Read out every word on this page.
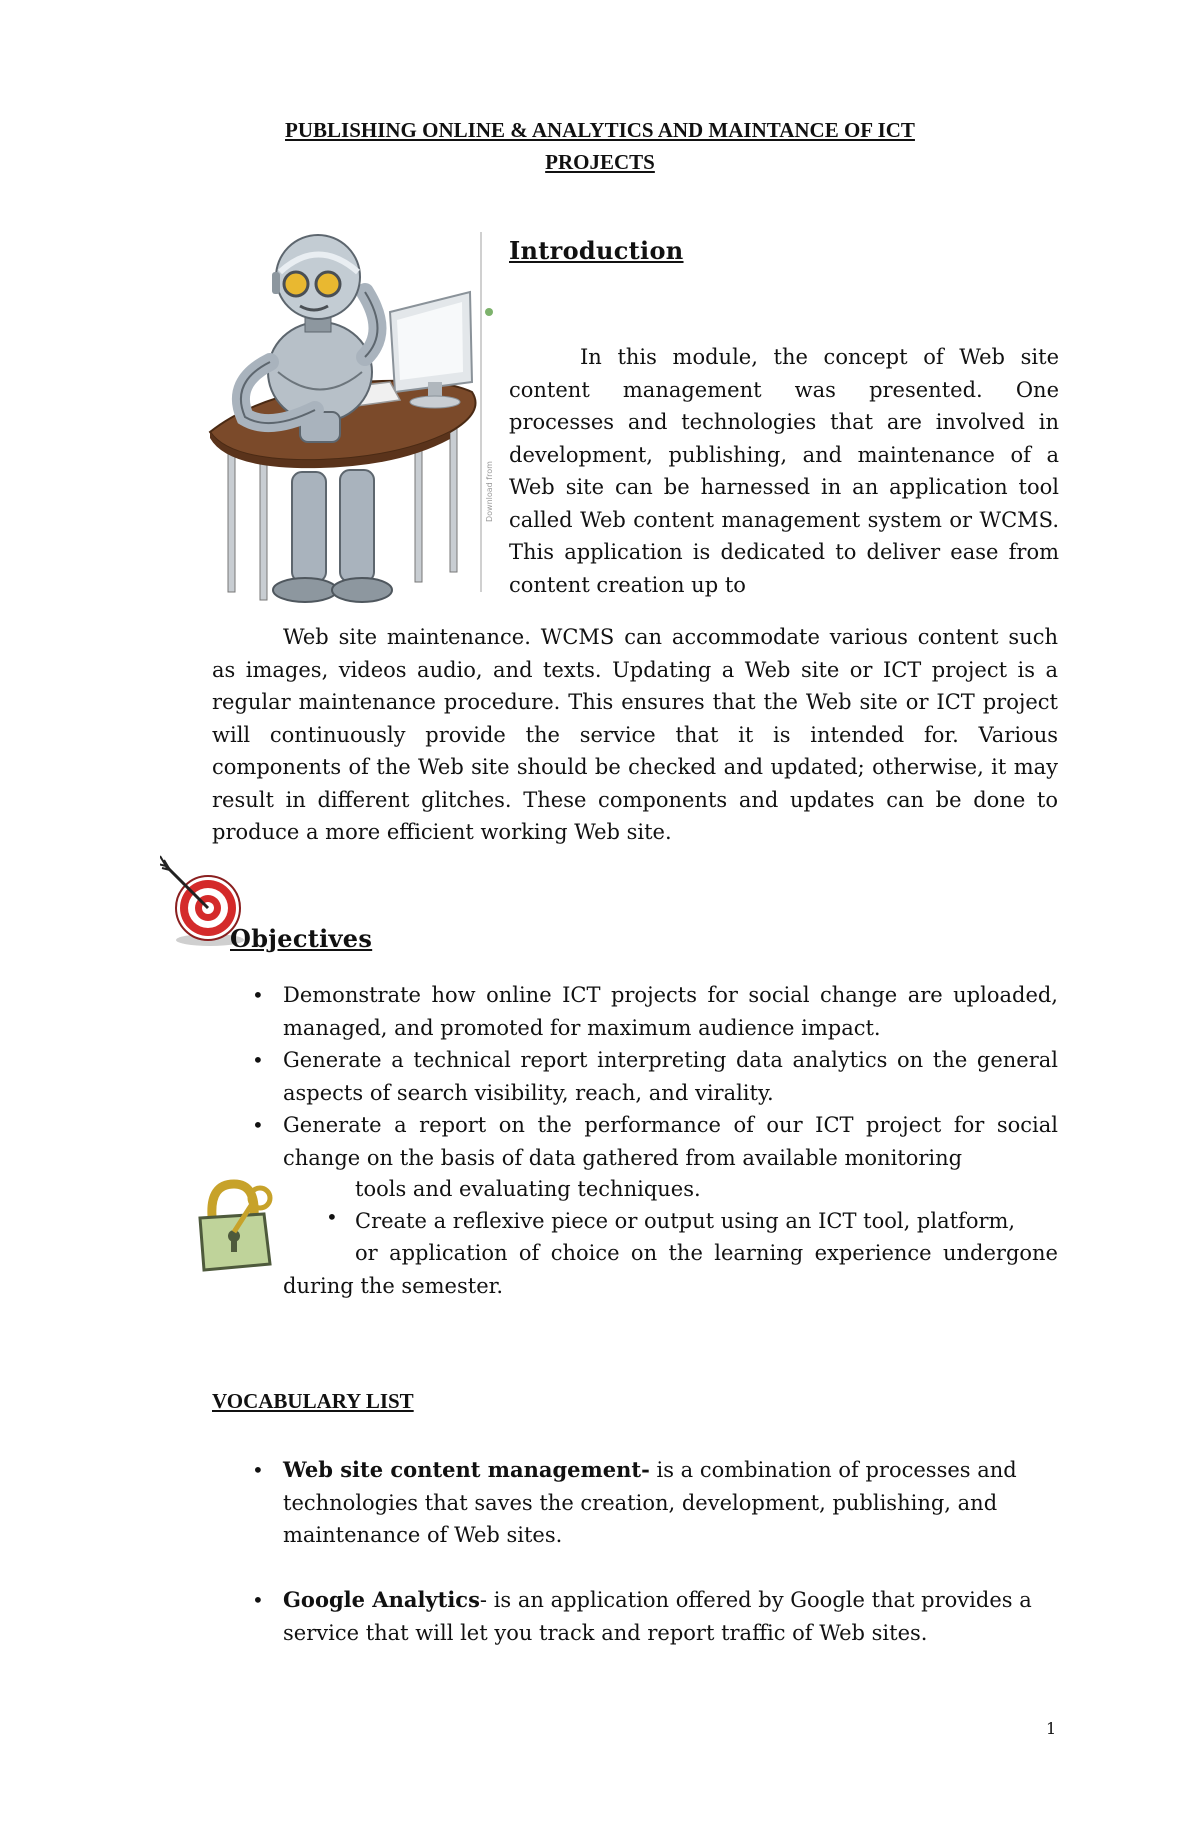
PUBLISHING ONLINE & ANALYTICS AND MAINTANCE OF ICT
PROJECTS
Download from
Introduction

In this module, the concept of Web site content management was presented. One processes and technologies that are involved in development, publishing, and maintenance of a Web site can be harnessed in an application tool called Web content management system or WCMS. This application is dedicated to deliver ease from content creation up to

Web site maintenance. WCMS can accommodate various content such as images, videos audio, and texts. Updating a Web site or ICT project is a regular maintenance procedure. This ensures that the Web site or ICT project will continuously provide the service that it is intended for. Various components of the Web site should be checked and updated; otherwise, it may result in different glitches. These components and updates can be done to produce a more efficient working Web site.

Objectives
• Demonstrate how online ICT projects for social change are uploaded, managed, and promoted for maximum audience impact.
• Generate a technical report interpreting data analytics on the general aspects of search visibility, reach, and virality.
• Generate a report on the performance of our ICT project for social change on the basis of data gathered from available monitoring
tools and evaluating techniques.
• Create a reflexive piece or output using an ICT tool, platform,

or application of choice on the learning experience undergone during the semester.

VOCABULARY LIST
• Web site content management- is a combination of processes and technologies that saves the creation, development, publishing, and maintenance of Web sites.
• Google Analytics- is an application offered by Google that provides a service that will let you track and report traffic of Web sites.
1
